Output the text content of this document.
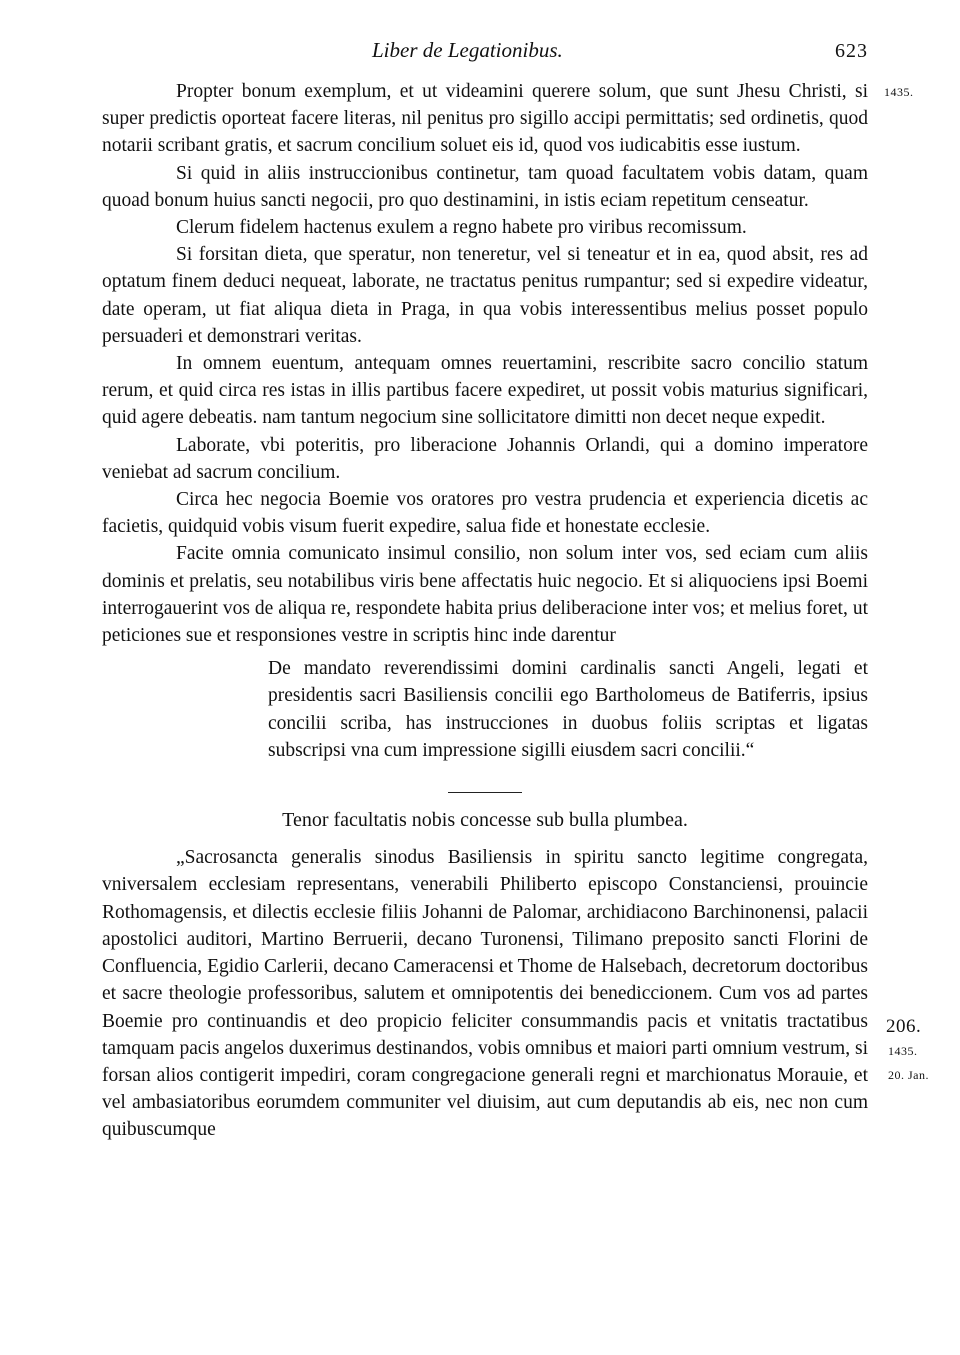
Liber de Legationibus.	623
1435.
206.
1435.
20. Jan.

Propter bonum exemplum, et ut videamini querere solum, que sunt Jhesu Christi, si super predictis oporteat facere literas, nil penitus pro sigillo accipi permittatis; sed ordinetis, quod notarii scribant gratis, et sacrum concilium soluet eis id, quod vos iudicabitis esse iustum.

Si quid in aliis instruccionibus continetur, tam quoad facultatem vobis datam, quam quoad bonum huius sancti negocii, pro quo destinamini, in istis eciam repetitum censeatur.

Clerum fidelem hactenus exulem a regno habete pro viribus recomissum.

Si forsitan dieta, que speratur, non teneretur, vel si teneatur et in ea, quod absit, res ad optatum finem deduci nequeat, laborate, ne tractatus penitus rumpantur; sed si expedire videatur, date operam, ut fiat aliqua dieta in Praga, in qua vobis interessentibus melius posset populo persuaderi et demonstrari veritas.

In omnem euentum, antequam omnes reuertamini, rescribite sacro concilio statum rerum, et quid circa res istas in illis partibus facere expediret, ut possit vobis maturius significari, quid agere debeatis. nam tantum negocium sine sollicitatore dimitti non decet neque expedit.

Laborate, vbi poteritis, pro liberacione Johannis Orlandi, qui a domino imperatore veniebat ad sacrum concilium.

Circa hec negocia Boemie vos oratores pro vestra prudencia et experiencia dicetis ac facietis, quidquid vobis visum fuerit expedire, salua fide et honestate ecclesie.

Facite omnia comunicato insimul consilio, non solum inter vos, sed eciam cum aliis dominis et prelatis, seu notabilibus viris bene affectatis huic negocio. Et si aliquociens ipsi Boemi interrogauerint vos de aliqua re, respondete habita prius deliberacione inter vos; et melius foret, ut peticiones sue et responsiones vestre in scriptis hinc inde darentur

De mandato reverendissimi domini cardinalis sancti Angeli, legati et presidentis sacri Basiliensis concilii ego Bartholomeus de Batiferris, ipsius concilii scriba, has instrucciones in duobus foliis scriptas et ligatas subscripsi vna cum impressione sigilli eiusdem sacri concilii.“

Tenor facultatis nobis concesse sub bulla plumbea.

„Sacrosancta generalis sinodus Basiliensis in spiritu sancto legitime congregata, vniversalem ecclesiam representans, venerabili Philiberto episcopo Constanciensi, prouincie Rothomagensis, et dilectis ecclesie filiis Johanni de Palomar, archidiacono Barchinonensi, palacii apostolici auditori, Martino Berruerii, decano Turonensi, Tilimano preposito sancti Florini de Confluencia, Egidio Carlerii, decano Cameracensi et Thome de Halsebach, decretorum doctoribus et sacre theologie professoribus, salutem et omnipotentis dei benediccionem. Cum vos ad partes Boemie pro continuandis et deo propicio feliciter consummandis pacis et vnitatis tractatibus tamquam pacis angelos duxerimus destinandos, vobis omnibus et maiori parti omnium vestrum, si forsan alios contigerit impediri, coram congregacione generali regni et marchionatus Morauie, et vel ambasiatoribus eorumdem communiter vel diuisim, aut cum deputandis ab eis, nec non cum quibuscumque
